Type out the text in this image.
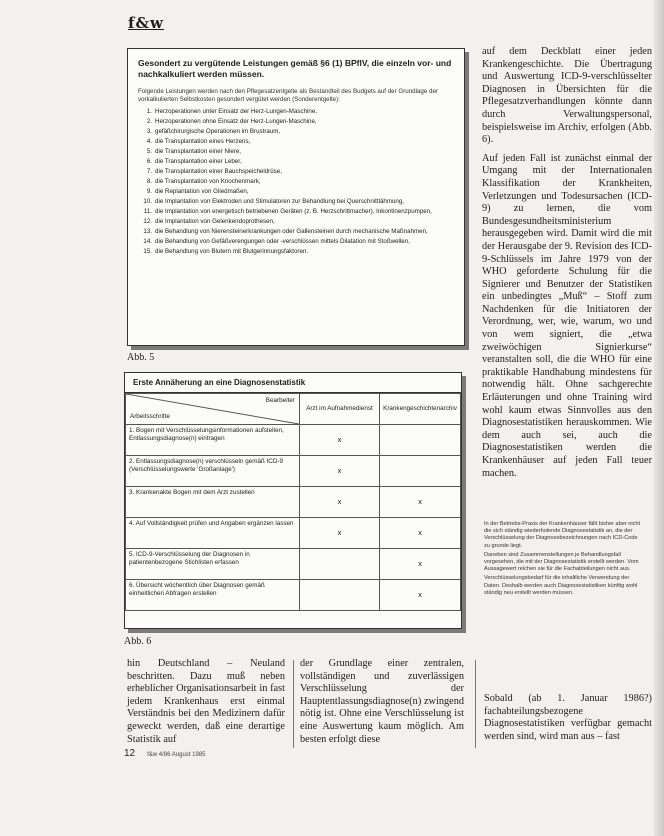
f&w
Gesondert zu vergütende Leistungen gemäß §6 (1) BPflV, die einzeln vor- und nachkalkuliert werden müssen.
Folgende Leistungen werden nach den Pflegesatzentgelte als Bestandteil des Budgets auf der Grundlage der vorkalkulierten Selbstkosten gesondert vergütet werden (Sonderentgelte):
1. Herzoperationen unter Einsatz der Herz-Lungen-Maschine,
2. Herzoperationen ohne Einsatz der Herz-Lungen-Maschine,
3. gefäßchirurgische Operationen im Brustraum,
4. die Transplantation eines Herzens,
5. die Transplantation einer Niere,
6. die Transplantation einer Leber,
7. die Transplantation einer Bauchspeicheldrüse,
8. die Transplantation von Knochenmark,
9. die Replantation von Gliedmaßen,
10. die Implantation von Elektroden und Stimulatoren zur Behandlung bei Querschnittlähmung,
11. die Implantation von energetisch betriebenen Geräten (z. B. Herzschrittmacher), Inkontinenzpumpen,
12. die Implantation von Gelenkendoprothesen,
13. die Behandlung von Nierensteinerkrankungen oder Gallensteinen durch mechanische Maßnahmen,
14. die Behandlung von Gefäßverengungen oder -verschlüssen mittels Dilatation mit Stoßwellen,
15. die Behandlung von Blutern mit Blutgerinnungsfaktoren.
Abb. 5
Erste Annäherung an eine Diagnosenstatistik
Bearbeiter
Arbeitsschritte	Arzt im Aufnahmedienst	Krankengeschichtenarchiv
1. Bogen mit Verschlüsselungsinformationen aufstellen, Entlassungsdiagnose(n) eintragen	x	
2. Entlassungsdiagnose(n) verschlüsseln gemäß ICD-9 (Verschlüsselungswerte 'Großanlage')	x	
3. Krankenakte Bogen mit dem Arzt zustellen	x	x
4. Auf Vollständigkeit prüfen und Angaben ergänzen lassen	x	x
5. ICD-9-Verschlüsselung der Diagnosen in patientenbezogene Stichlisten erfassen		x
6. Übersicht wöchentlich über Diagnosen gemäß einheitlichen Abfragen erstellen		x
Abb. 6

auf dem Deckblatt einer jeden Krankengeschichte. Die Übertragung und Auswertung ICD-9-verschlüsselter Diagnosen in Übersichten für die Pflegesatzverhandlungen könnte dann durch Verwaltungspersonal, beispielsweise im Archiv, erfolgen (Abb. 6).

Auf jeden Fall ist zunächst einmal der Umgang mit der Internationalen Klassifikation der Krankheiten, Verletzungen und Todesursachen (ICD-9) zu lernen, die vom Bundesgesundheitsministerium herausgegeben wird. Damit wird die mit der Herausgabe der 9. Revision des ICD-9-Schlüssels im Jahre 1979 von der WHO geforderte Schulung für die Signierer und Benutzer der Statistiken ein unbedingtes „Muß“ – Stoff zum Nachdenken für die Initiatoren der Verordnung, wer, wie, warum, wo und von wem signiert, die „etwa zweiwöchigen Signierkurse“ veranstalten soll, die die WHO für eine praktikable Handhabung mindestens für notwendig hält. Ohne sachgerechte Erläuterungen und ohne Training wird wohl kaum etwas Sinnvolles aus den Diagnosestatistiken herauskommen. Wie dem auch sei, auch die Diagnosestatistiken werden die Krankenhäuser auf jeden Fall teuer machen.

In der Betriebs-Praxis der Krankenhäuser fällt bisher aber nicht die sich ständig wiederholende Diagnosestatistik an, die der Verschlüsselung der Diagnosebezeichnungen nach ICD-Code zu grunde liegt.

Daneben sind Zusammenstellungen je Behandlungsfall vorgesehen, die mit der Diagnosestatistik erstellt werden. Vom Aussagewert reichen sie für die Fachabteilungen nicht aus.

Verschlüsselungsbedarf für die inhaltliche Verwendung der Daten. Deshalb werden auch Diagnosestatistiken künftig wohl ständig neu erstellt werden müssen.

hin Deutschland – Neuland beschritten. Dazu muß neben erheblicher Organisationsarbeit in fast jedem Krankenhaus erst einmal Verständnis bei den Medizinern dafür geweckt werden, daß eine derartige Statistik auf
der Grundlage einer zentralen, vollständigen und zuverlässigen Verschlüsselung der Hauptentlassungsdiagnose(n) zwingend nötig ist. Ohne eine Verschlüsselung ist eine Auswertung kaum möglich. Am besten erfolgt diese
Sobald (ab 1. Januar 1986?) fachabteilungsbezogene Diagnosestatistiken verfügbar gemacht werden sind, wird man aus – fast
12 f&w 4/86 August 1985
